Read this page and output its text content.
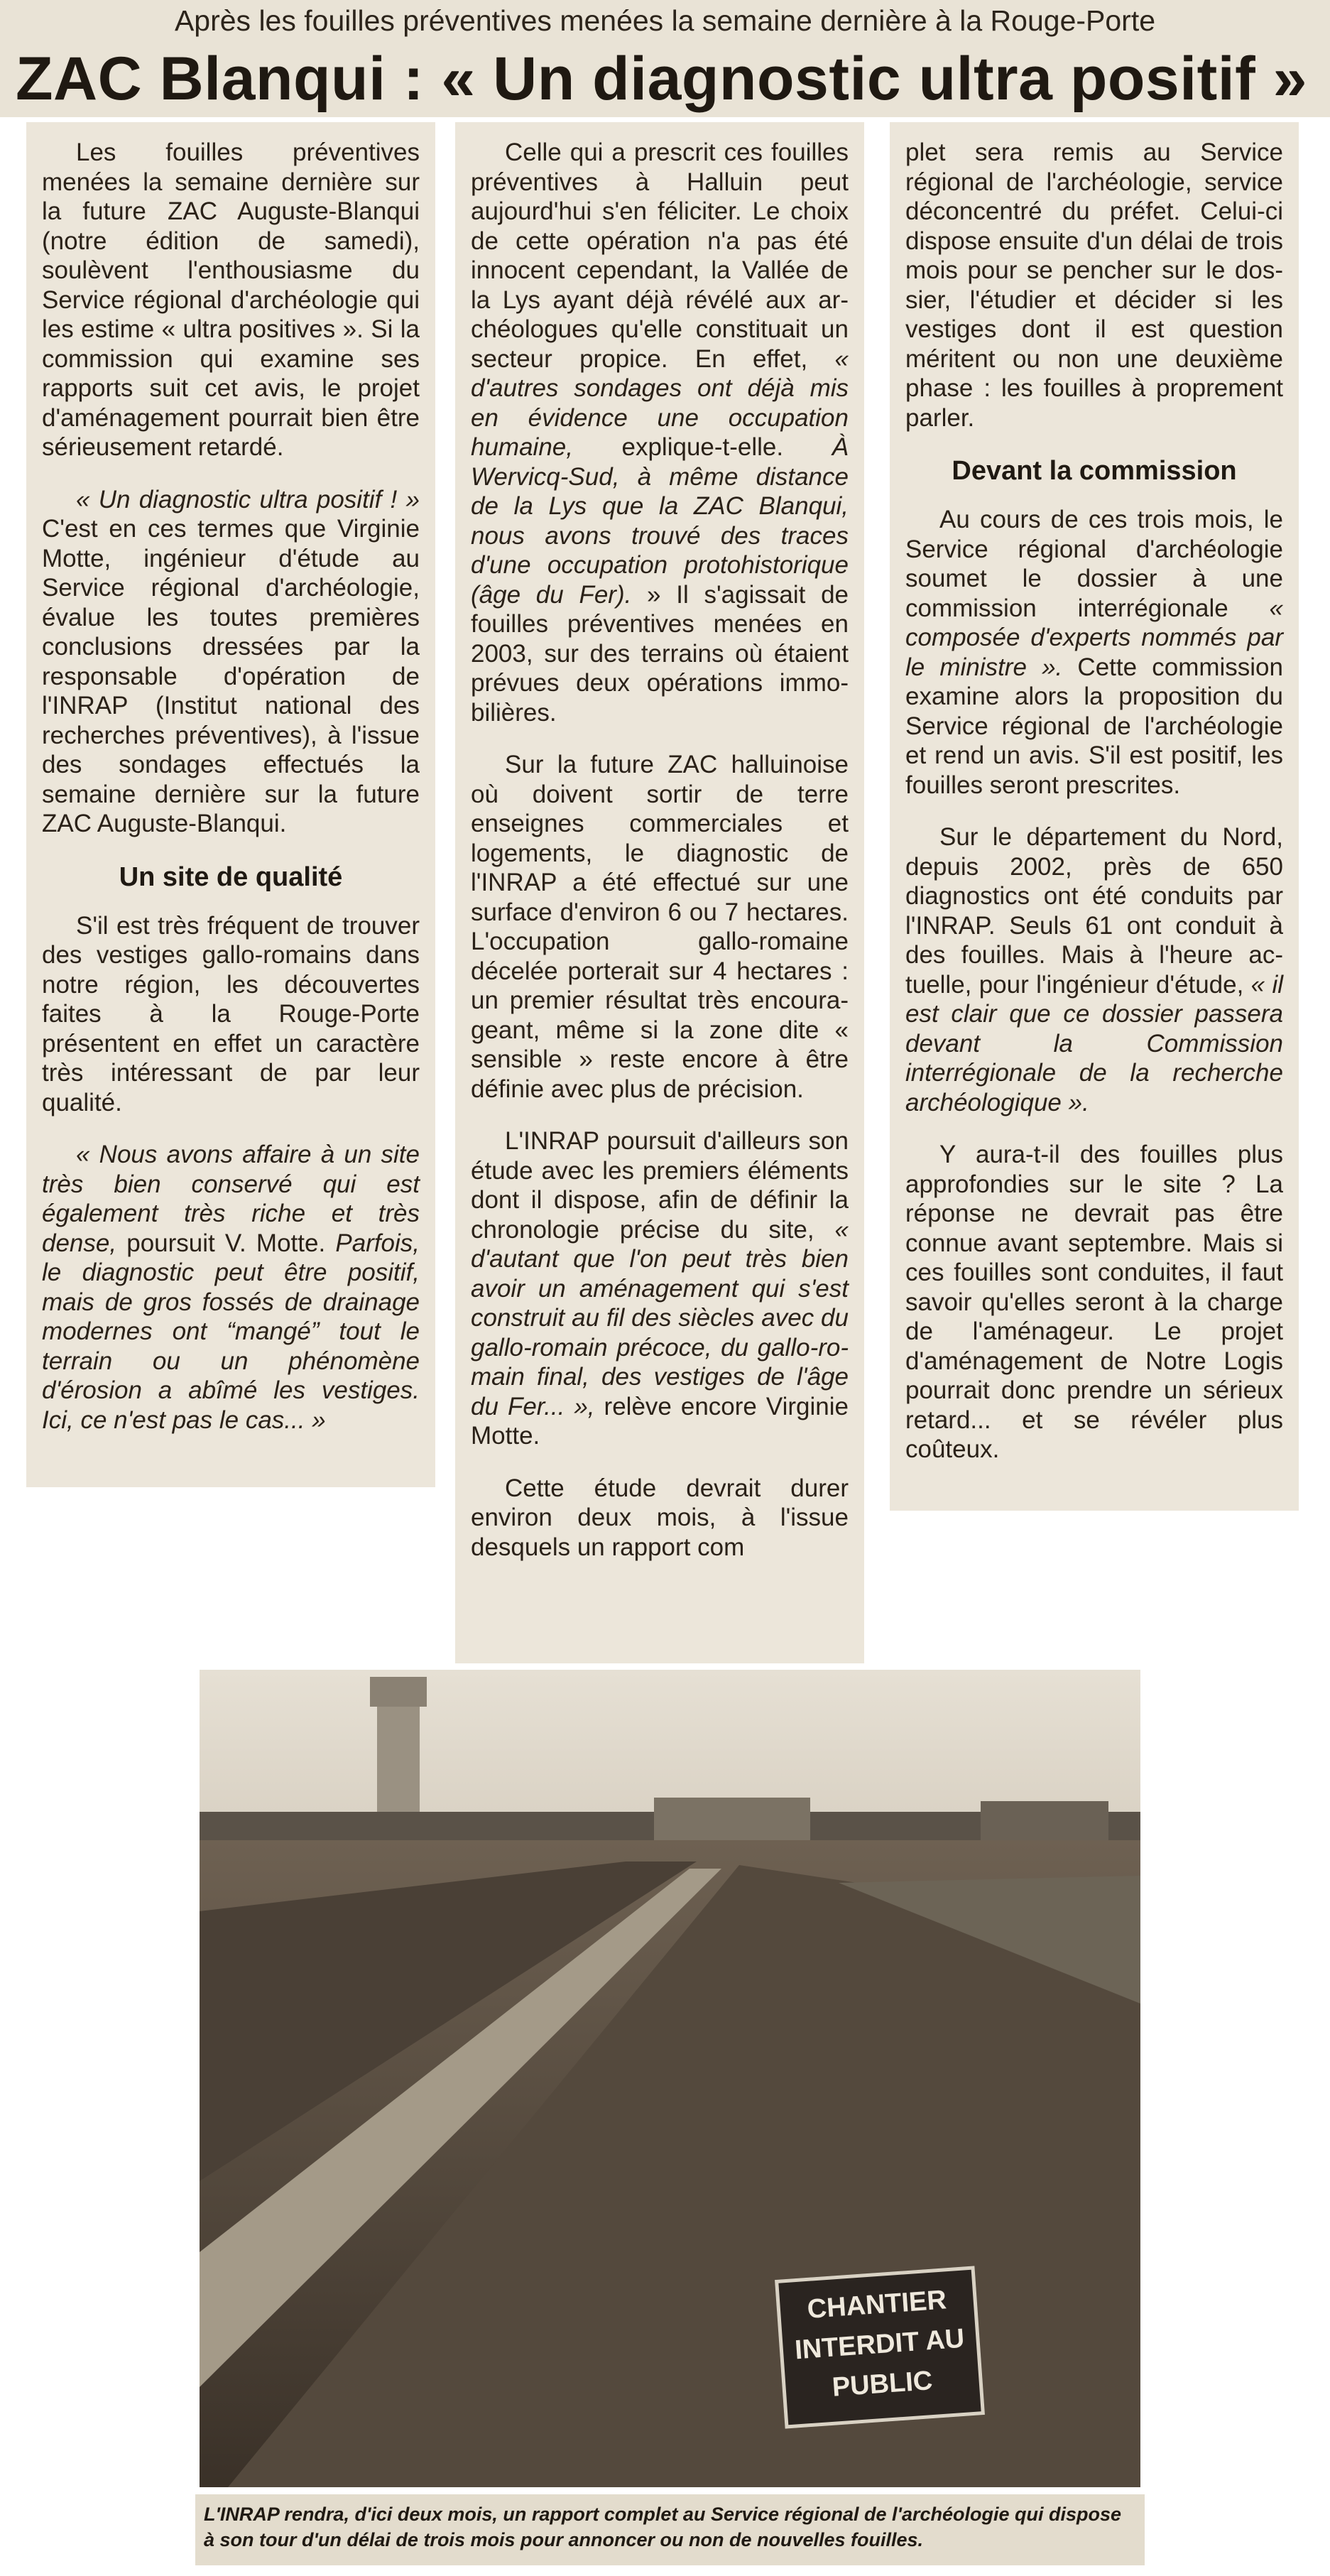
Après les fouilles préventives menées la semaine dernière à la Rouge-Porte
ZAC Blanqui : « Un diagnostic ultra positif »

Les fouilles préventives menées la semaine dernière sur la future ZAC Auguste-Blanqui (notre édition de samedi), soulèvent l'enthousiasme du Service régional d'archéologie qui les estime « ultra positives ». Si la commission qui examine ses rapports suit cet avis, le projet d'aménagement pourrait bien être sérieusement retardé.

« Un diagnostic ultra positif ! » C'est en ces termes que Virginie Motte, ingénieur d'étude au Service régional d'archéologie, évalue les toutes premières conclusions dressées par la responsable d'opération de l'INRAP (Institut national des recherches préventives), à l'issue des sondages effectués la semaine dernière sur la future ZAC Auguste-Blanqui.

Un site de qualité

S'il est très fréquent de trouver des vestiges gallo-romains dans notre région, les découvertes faites à la Rouge-Porte présentent en effet un caractère très intéressant de par leur qualité.

« Nous avons affaire à un site très bien conservé qui est également très riche et très dense, poursuit V. Motte. Parfois, le diagnostic peut être positif, mais de gros fossés de drainage modernes ont “mangé” tout le terrain ou un phénomène d'érosion a abîmé les vestiges. Ici, ce n'est pas le cas... »

Celle qui a prescrit ces fouilles préventives à Halluin peut aujourd'hui s'en féliciter. Le choix de cette opération n'a pas été innocent cependant, la Vallée de la Lys ayant déjà révélé aux archéologues qu'elle constituait un secteur propice. En effet, « d'autres sondages ont déjà mis en évidence une occupation humaine, explique-t-elle. À Wervicq-Sud, à même distance de la Lys que la ZAC Blanqui, nous avons trouvé des traces d'une occupation protohistorique (âge du Fer). » Il s'agissait de fouilles préventives menées en 2003, sur des terrains où étaient prévues deux opérations immobilières.

Sur la future ZAC halluinoise où doivent sortir de terre enseignes commerciales et logements, le diagnostic de l'INRAP a été effectué sur une surface d'environ 6 ou 7 hectares. L'occupation gallo-romaine décelée porterait sur 4 hectares : un premier résultat très encourageant, même si la zone dite « sensible » reste encore à être définie avec plus de précision.

L'INRAP poursuit d'ailleurs son étude avec les premiers éléments dont il dispose, afin de définir la chronologie précise du site, « d'autant que l'on peut très bien avoir un aménagement qui s'est construit au fil des siècles avec du gallo-romain précoce, du gallo-romain final, des vestiges de l'âge du Fer... », relève encore Virginie Motte.

Cette étude devrait durer environ deux mois, à l'issue desquels un rapport com

plet sera remis au Service régional de l'archéologie, service déconcentré du préfet. Celui-ci dispose ensuite d'un délai de trois mois pour se pencher sur le dossier, l'étudier et décider si les vestiges dont il est question méritent ou non une deuxième phase : les fouilles à proprement parler.

Devant la commission

Au cours de ces trois mois, le Service régional d'archéologie soumet le dossier à une commission interrégionale « composée d'experts nommés par le ministre ». Cette commission examine alors la proposition du Service régional de l'archéologie et rend un avis. S'il est positif, les fouilles seront prescrites.

Sur le département du Nord, depuis 2002, près de 650 diagnostics ont été conduits par l'INRAP. Seuls 61 ont conduit à des fouilles. Mais à l'heure actuelle, pour l'ingénieur d'étude, « il est clair que ce dossier passera devant la Commission interrégionale de la recherche archéologique ».

Y aura-t-il des fouilles plus approfondies sur le site ? La réponse ne devrait pas être connue avant septembre. Mais si ces fouilles sont conduites, il faut savoir qu'elles seront à la charge de l'aménageur. Le projet d'aménagement de Notre Logis pourrait donc prendre un sérieux retard... et se révéler plus coûteux.

CHANTIER
INTERDIT AU
PUBLIC
L'INRAP rendra, d'ici deux mois, un rapport complet au Service régional de l'archéologie qui dispose à son tour d'un délai de trois mois pour annoncer ou non de nouvelles fouilles.
